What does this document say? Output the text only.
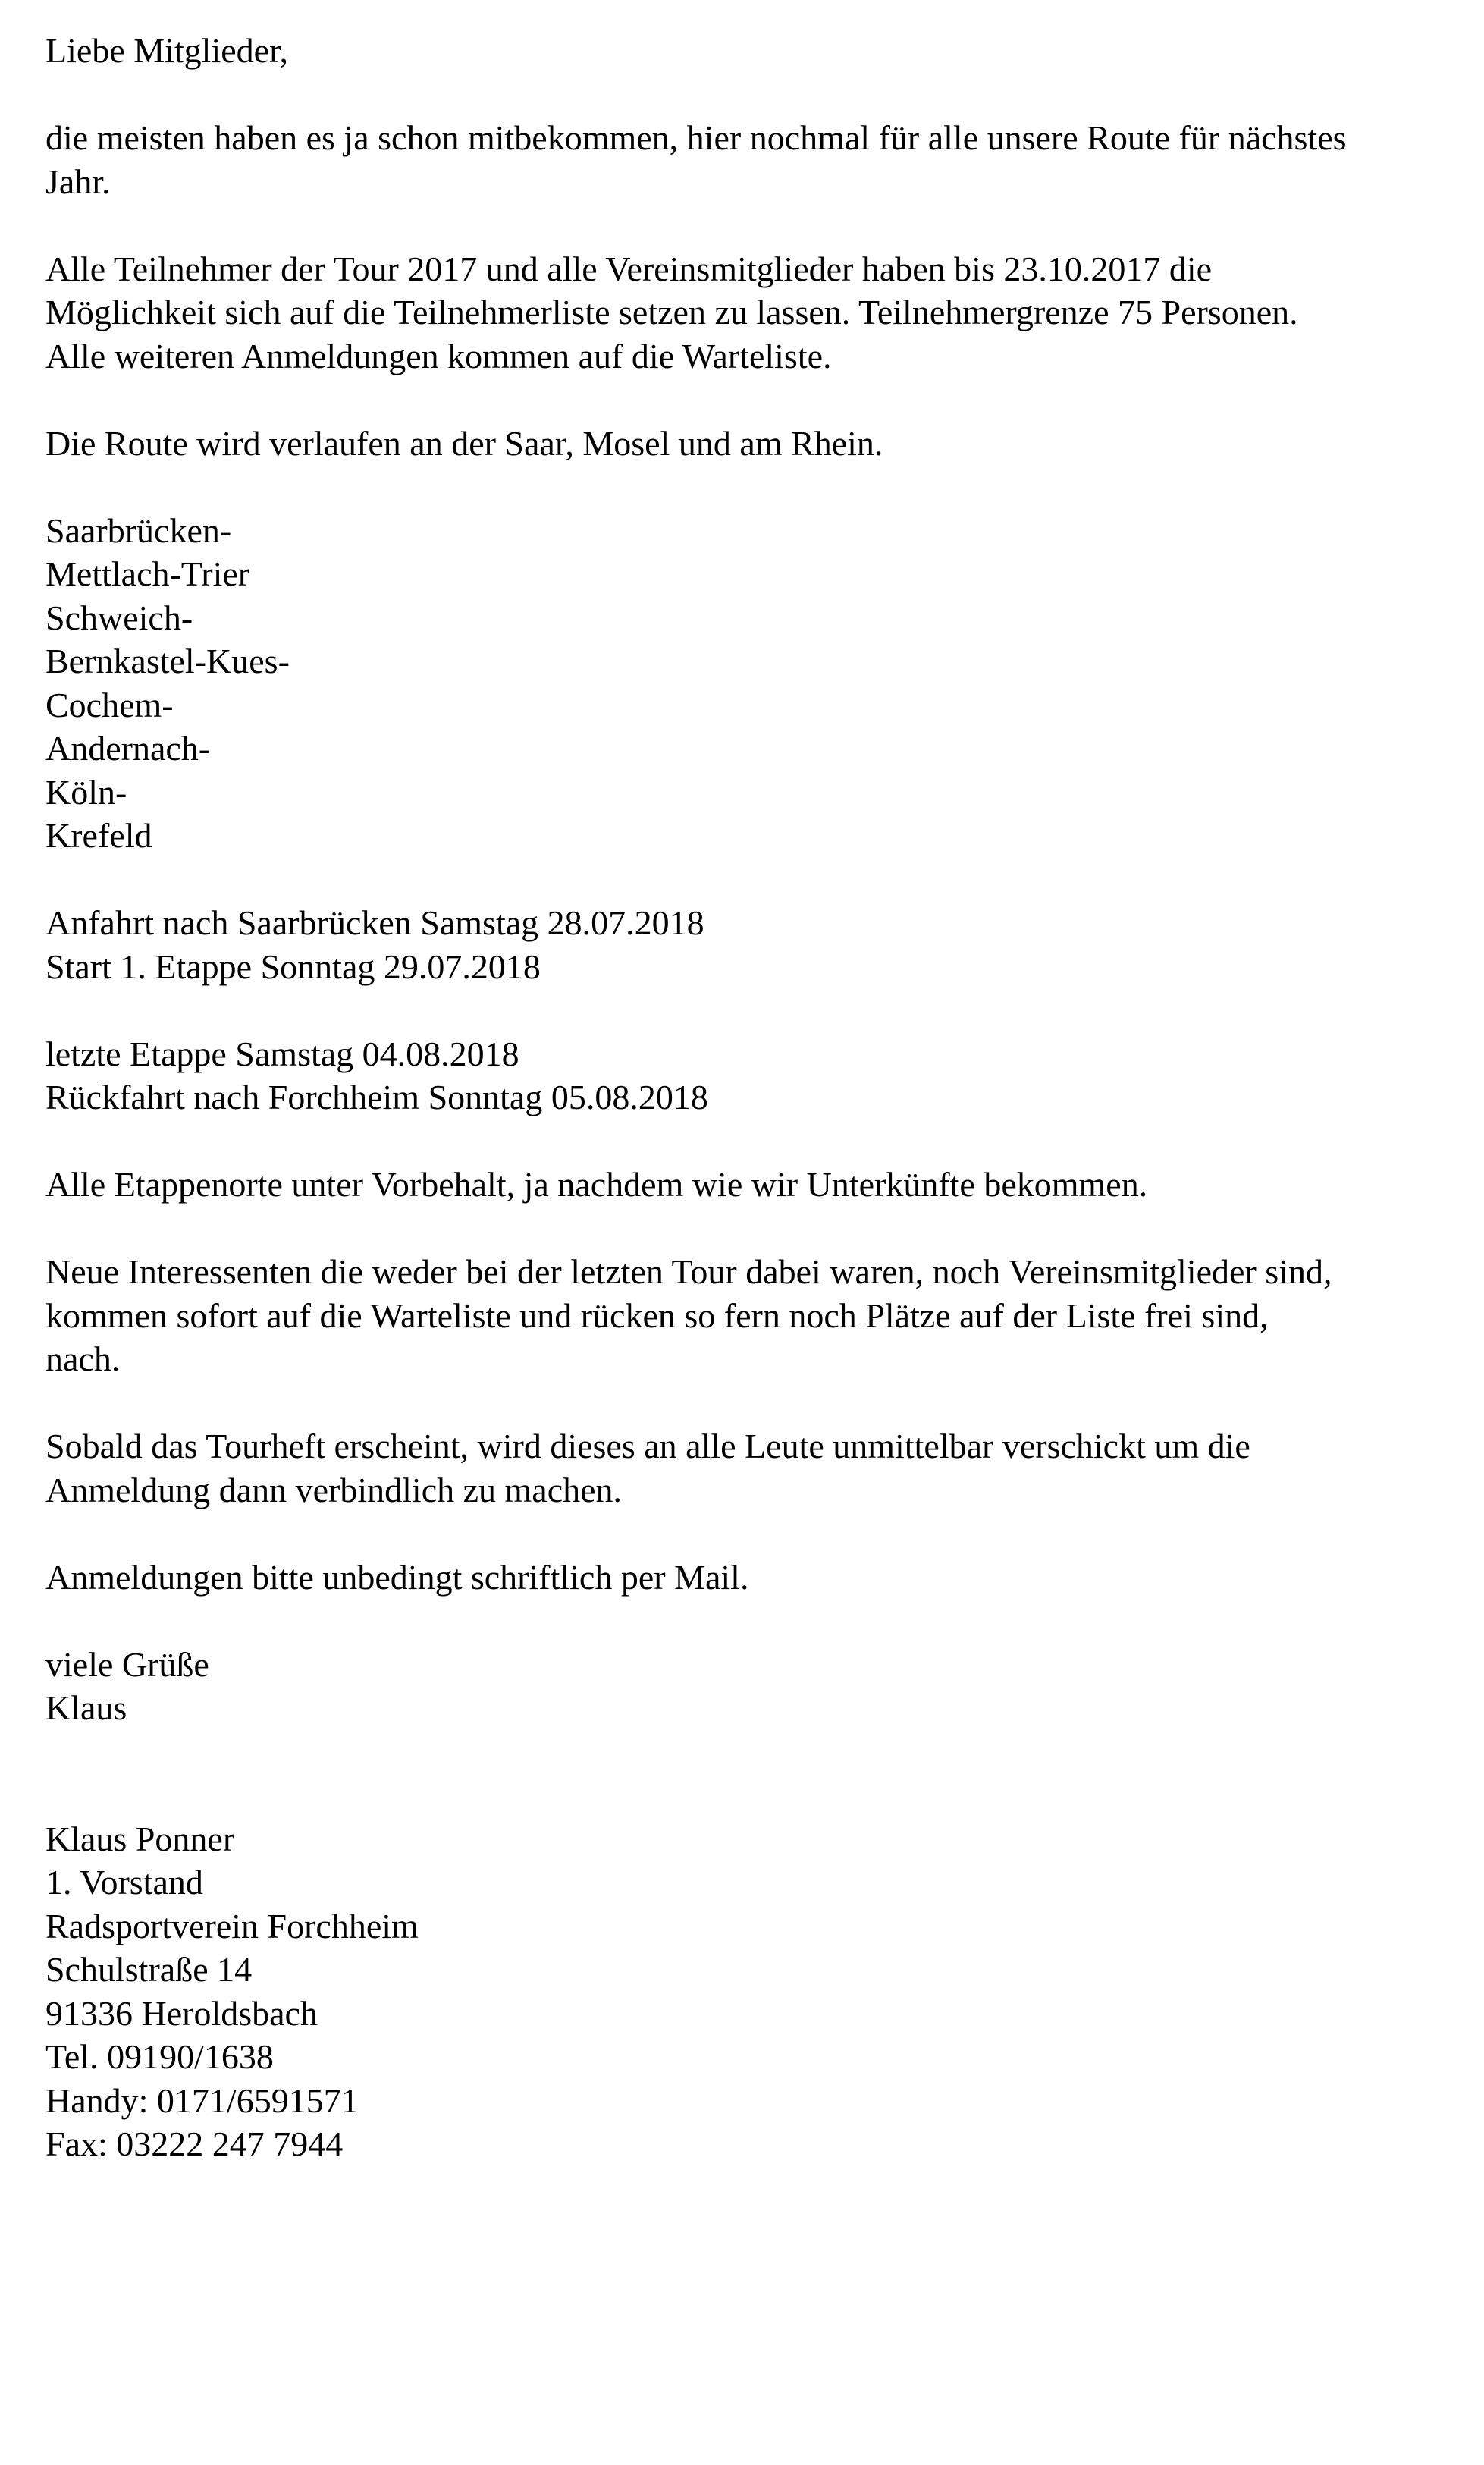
Liebe Mitglieder,

die meisten haben es ja schon mitbekommen, hier nochmal für alle unsere Route für nächstes
Jahr.

Alle Teilnehmer der Tour 2017 und alle Vereinsmitglieder haben bis 23.10.2017 die
Möglichkeit sich auf die Teilnehmerliste setzen zu lassen. Teilnehmergrenze 75 Personen.
Alle weiteren Anmeldungen kommen auf die Warteliste.

Die Route wird verlaufen an der Saar, Mosel und am Rhein.

Saarbrücken-
Mettlach-Trier
Schweich-
Bernkastel-Kues-
Cochem-
Andernach-
Köln-
Krefeld

Anfahrt nach Saarbrücken Samstag 28.07.2018
Start 1. Etappe Sonntag 29.07.2018

letzte Etappe Samstag 04.08.2018
Rückfahrt nach Forchheim Sonntag 05.08.2018

Alle Etappenorte unter Vorbehalt, ja nachdem wie wir Unterkünfte bekommen.

Neue Interessenten die weder bei der letzten Tour dabei waren, noch Vereinsmitglieder sind,
kommen sofort auf die Warteliste und rücken so fern noch Plätze auf der Liste frei sind,
nach.

Sobald das Tourheft erscheint, wird dieses an alle Leute unmittelbar verschickt um die
Anmeldung dann verbindlich zu machen.

Anmeldungen bitte unbedingt schriftlich per Mail.

viele Grüße
Klaus

Klaus Ponner
1. Vorstand
Radsportverein Forchheim
Schulstraße 14
91336 Heroldsbach
Tel. 09190/1638
Handy: 0171/6591571
Fax: 03222 247 7944
